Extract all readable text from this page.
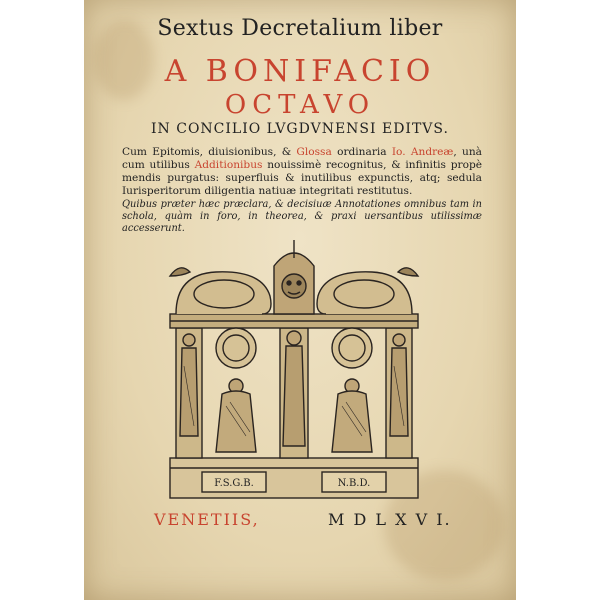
Sextus Decretalium liber
A BONIFACIO
OCTAVO
IN CONCILIO LVGDVNENSI EDITVS.
Cum Epitomis, diuisionibus, & Glossa ordinaria Io. Andreæ, unà cum utilibus Additionibus nouissimè recognitus, & infinitis propè mendis purgatus: superfluis & inutilibus expunctis, atq; sedula Iurisperitorum diligentia natiuæ integritati restitutus.
Quibus præter hæc præclara, & decisiuæ Annotationes omnibus tam in schola, quàm in foro, in theorea, & praxi uersantibus utilissimæ accesserunt.
F.S.G.B.	N.B.D.
VENETIIS,	M D L X V I.
